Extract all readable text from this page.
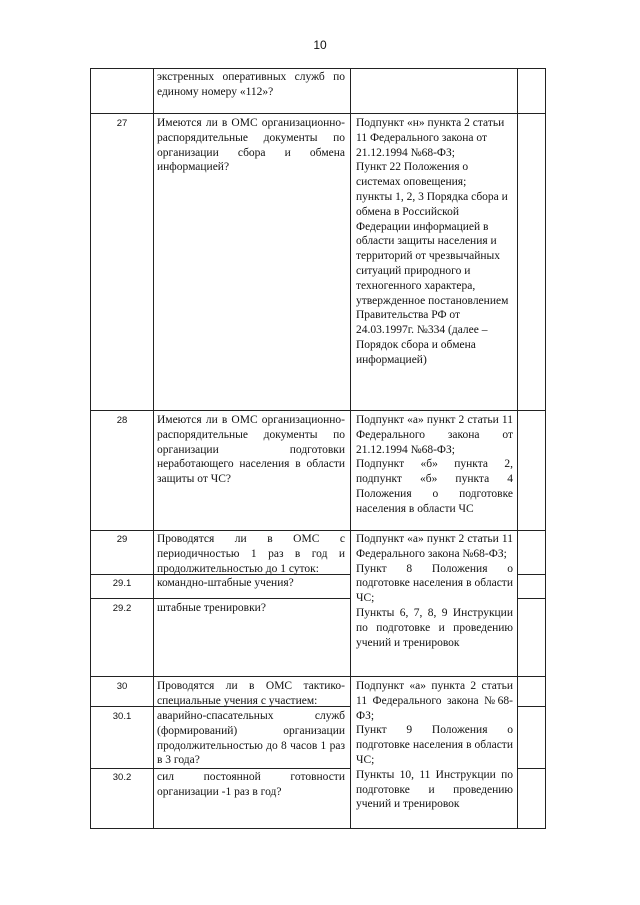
10
экстренных оперативных служб по единому номеру «112»?
27	Имеются ли в ОМС организационно-распорядительные документы по организации сбора и обмена информацией?
Подпункт «н» пункта 2 статьи 11 Федерального закона от 21.12.1994 №68-ФЗ;
Пункт 22 Положения о системах оповещения;
пункты 1, 2, 3 Порядка сбора и обмена в Российской Федерации информацией в области защиты населения и территорий от чрезвычайных ситуаций природного и техногенного характера, утвержденное постановлением Правительства РФ от 24.03.1997г. №334 (далее – Порядок сбора и обмена информацией)
28	Имеются ли в ОМС организационно-распорядительные документы по организации подготовки неработающего населения в области защиты от ЧС?
Подпункт «а» пункт 2 статьи 11 Федерального закона от 21.12.1994 №68-ФЗ;
Подпункт «б» пункта 2, подпункт «б» пункта 4 Положения о подготовке населения в области ЧС
29	Проводятся ли в ОМС с периодичностью 1 раз в год и продолжительностью до 1 суток:
Подпункт «а» пункт 2 статьи 11 Федерального закона №68-ФЗ;
Пункт 8 Положения о подготовке населения в области ЧС;
Пункты 6, 7, 8, 9 Инструкции по подготовке и проведению учений и тренировок
29.1	командно-штабные учения?
29.2	штабные тренировки?
30	Проводятся ли в ОМС тактико-специальные учения с участием:
Подпункт «а» пункта 2 статьи 11 Федерального закона №68-ФЗ;
Пункт 9 Положения о подготовке населения в области ЧС;
Пункты 10, 11 Инструкции по подготовке и проведению учений и тренировок
30.1	аварийно-спасательных служб (формирований) организации продолжительностью до 8 часов 1 раз в 3 года?
30.2	сил постоянной готовности организации -1 раз в год?
